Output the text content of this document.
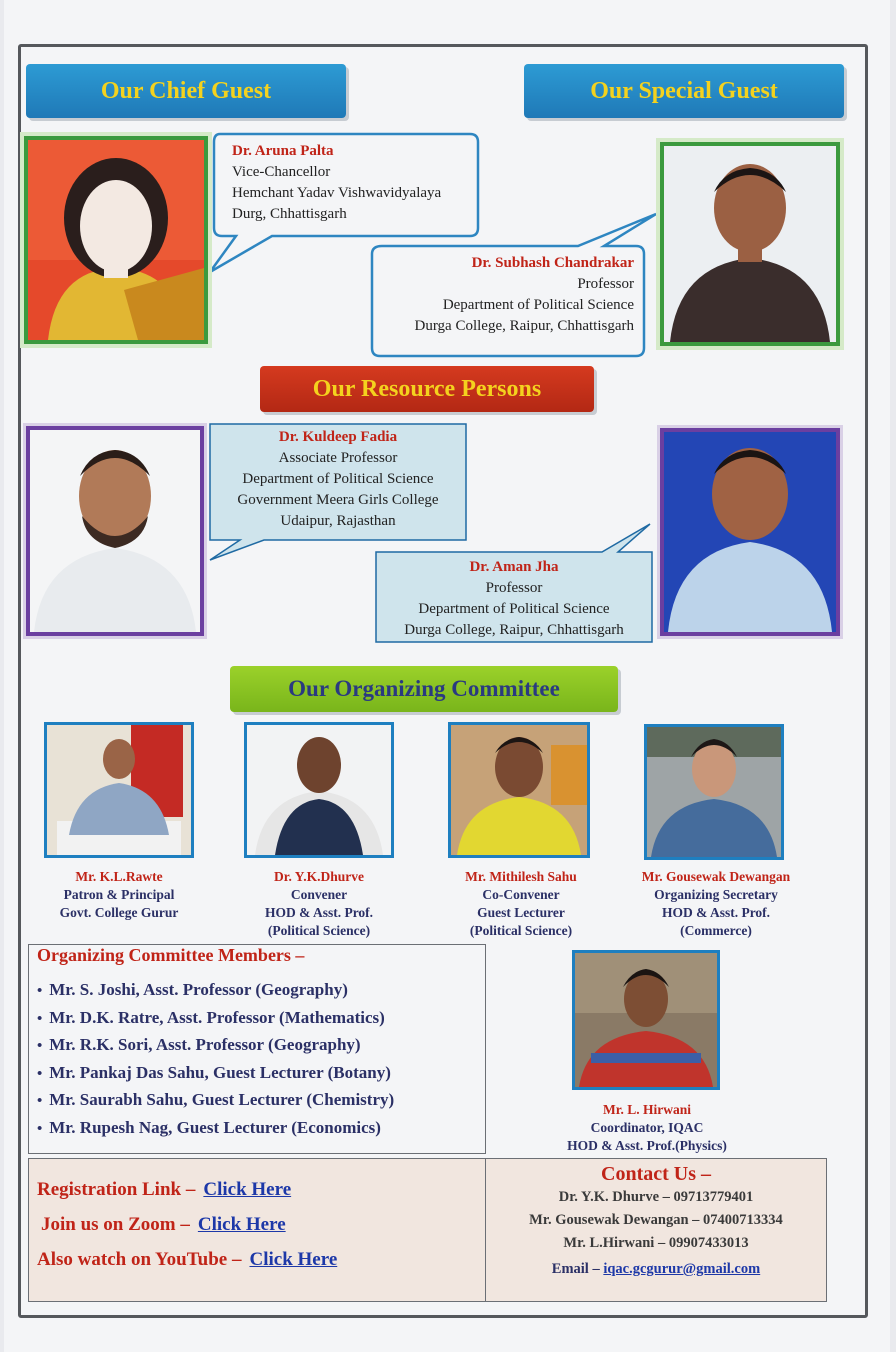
Our Chief Guest	Our Special Guest
Our Resource Persons
Our Organizing Committee
Dr. Aruna Palta
Vice-Chancellor
Hemchant Yadav Vishwavidyalaya
Durg, Chhattisgarh
Dr. Subhash Chandrakar
Professor
Department of Political Science
Durga College, Raipur, Chhattisgarh
Dr. Kuldeep Fadia
Associate Professor
Department of Political Science
Government Meera Girls College
Udaipur, Rajasthan
Dr. Aman Jha
Professor
Department of Political Science
Durga College, Raipur, Chhattisgarh
Mr. K.L.Rawte
Patron & Principal
Govt. College Gurur
Dr. Y.K.Dhurve
Convener
HOD & Asst. Prof.
(Political Science)
Mr. Mithilesh Sahu
Co-Convener
Guest Lecturer
(Political Science)
Mr. Gousewak Dewangan
Organizing Secretary
HOD & Asst. Prof.
(Commerce)
Organizing Committee Members –
• Mr. S. Joshi, Asst. Professor (Geography)
• Mr. D.K. Ratre, Asst. Professor (Mathematics)
• Mr. R.K. Sori, Asst. Professor (Geography)
• Mr. Pankaj Das Sahu, Guest Lecturer (Botany)
• Mr. Saurabh Sahu, Guest Lecturer (Chemistry)
• Mr. Rupesh Nag, Guest Lecturer (Economics)
Mr. L. Hirwani
Coordinator, IQAC
HOD & Asst. Prof.(Physics)
Registration Link – Click Here
Join us on Zoom – Click Here
Also watch on YouTube – Click Here
Contact Us –
Dr. Y.K. Dhurve – 09713779401
Mr. Gousewak Dewangan – 07400713334
Mr. L.Hirwani – 09907433013
Email – iqac.gcgurur@gmail.com
